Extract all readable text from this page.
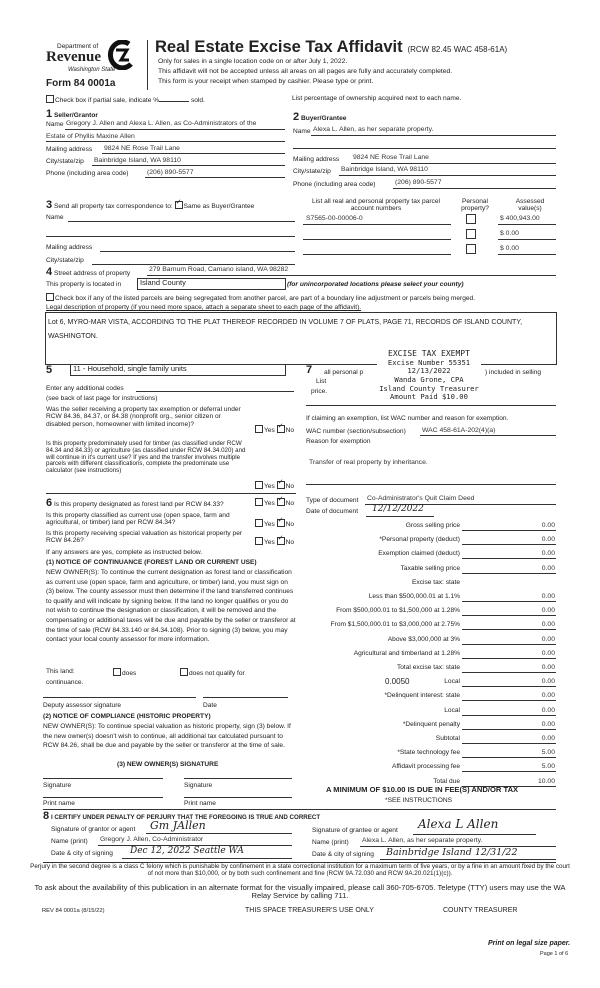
Department of
Revenue
Washington State
Form 84 0001a
Real Estate Excise Tax Affidavit (RCW 82.45 WAC 458-61A)
Only for sales in a single location code on or after July 1, 2022.
This affidavit will not be accepted unless all areas on all pages are fully and accurately completed.
This form is your receipt when stamped by cashier. Please type or print.
Check box if partial sale, indicate %	sold.	List percentage of ownership acquired next to each name.
1 Seller/Grantor
Name Gregory J. Allen and Alexa L. Allen, as Co-Administrators of the
Estate of Phyllis Maxine Allen
Mailing address 9824 NE Rose Trail Lane
City/state/zip Bainbridge Island, WA 98110
Phone (including area code)	(206) 890-5577
2 Buyer/Grantee
Name Alexa L. Allen, as her separate property.
Mailing address 9824 NE Rose Trail Lane
City/state/zip Bainbridge Island, WA 98110
Phone (including area code)	(206) 890-5577
3 Send all property tax correspondence to: ✓ Same as Buyer/Grantee
Name
Mailing address
City/state/zip
List all real and personal property tax parcel account numbers
Personal property?
Assessed value(s)
S7565-00-00006-0	$ 400,943.00
$ 0.00
$ 0.00
4 Street address of property
279 Barnum Road, Camano island, WA 98282
This property is located in	Island County	(for unincorporated locations please select your county)
Check box if any of the listed parcels are being segregated from another parcel, are part of a boundary line adjustment or parcels being merged.
Legal description of property (if you need more space, attach a separate sheet to each page of the affidavit).
Lot 6, MYRO-MAR VISTA, ACCORDING TO THE PLAT THEREOF RECORDED IN VOLUME 7 OF PLATS, PAGE 71, RECORDS OF ISLAND COUNTY, WASHINGTON.
EXCISE TAX EXEMPT
Excise Number 55351
12/13/2022
Wanda Grone, CPA
Island County Treasurer
Amount Paid $10.00
5	11 - Household, single family units
Enter any additional codes
(see back of last page for instructions)
Was the seller receiving a property tax exemption or deferral under RCW 84.36, 84.37, or 84.38 (nonprofit org., senior citizen or disabled person, homeowner with limited income)?
Yes ✓ No
Is this property predominately used for timber (as classified under RCW 84.34 and 84.33) or agriculture (as classified under RCW 84.34.020) and will continue in it's current use? If yes and the transfer involves multiple parcels with different classifications, complete the predominate use calculator (see instructions)
Yes ✓ No
6 Is this property designated as forest land per RCW 84.33?	Yes ✓ No
Is this property classified as current use (open space, farm and agricultural, or timber) land per RCW 84.34?	Yes ✓ No
Is this property receiving special valuation as historical property per RCW 84.26?	Yes ✓ No
If any answers are yes, complete as instructed below.
(1) NOTICE OF CONTINUANCE (FOREST LAND OR CURRENT USE)
NEW OWNER(S): To continue the current designation as forest land or classification as current use (open space, farm and agriculture, or timber) land, you must sign on (3) below. The county assessor must then determine if the land transferred continues to qualify and will indicate by signing below. If the land no longer qualifies or you do not wish to continue the designation or classification, it will be removed and the compensating or additional taxes will be due and payable by the seller or transferor at the time of sale (RCW 84.33.140 or 84.34.108). Prior to signing (3) below, you may contact your local county assessor for more information.
This land:
continuance.
does	does not qualify for
Deputy assessor signature	Date
(2) NOTICE OF COMPLIANCE (HISTORIC PROPERTY)
NEW OWNER(S): To continue special valuation as historic property, sign (3) below. If the new owner(s) doesn't wish to continue, all additional tax calculated pursuant to RCW 84.26, shall be due and payable by the seller or transferor at the time of sale.
(3) NEW OWNER(S) SIGNATURE
Signature	Signature
Print name	Print name
7 all personal p	) included in selling
List
price.
If claiming an exemption, list WAC number and reason for exemption.
WAC number (section/subsection) WAC 458-61A-202(4)(a)
Reason for exemption
Transfer of real property by inheritance.
Type of document Co-Administrator's Quit Claim Deed
Date of document 12/12/2022
Gross selling price	0.00
*Personal property (deduct)	0.00
Exemption claimed (deduct)	0.00
Taxable selling price	0.00
Excise tax: state
Less than $500,000.01 at 1.1%	0.00
From $500,000.01 to $1,500,000 at 1.28%	0.00
From $1,500,000.01 to $3,000,000 at 2.75%	0.00
Above $3,000,000 at 3%	0.00
Agricultural and timberland at 1.28%	0.00
Total excise tax: state	0.00
Local	0.00
0.0050
*Delinquent interest: state	0.00
Local	0.00
*Delinquent penalty	0.00
Subtotal	0.00
*State technology fee	5.00
Affidavit processing fee	5.00
Total due	10.00
A MINIMUM OF $10.00 IS DUE IN FEE(S) AND/OR TAX
*SEE INSTRUCTIONS
8 I CERTIFY UNDER PENALTY OF PERJURY THAT THE FOREGOING IS TRUE AND CORRECT
Signature of grantor or agent Gm JAllen
Name (print) Gregory J. Allen, Co-Administrator
Date & city of signing Dec 12, 2022 Seattle WA
Signature of grantee or agent Alexa L Allen
Name (print) Alexa L. Allen, as her separate property.
Date & city of signing Bainbridge Island 12/31/22
Perjury in the second degree is a class C felony which is punishable by confinement in a state correctional institution for a maximum term of five years, or by a fine in an amount fixed by the court of not more than $10,000, or by both such confinement and fine (RCW 9A.72.030 and RCW 9A.20.021(1)(c)).
To ask about the availability of this publication in an alternate format for the visually impaired, please call 360-705-6705. Teletype (TTY) users may use the WA Relay Service by calling 711.
REV 84 0001a (8/15/22)	THIS SPACE TREASURER'S USE ONLY	COUNTY TREASURER
Print on legal size paper.
Page 1 of 6
